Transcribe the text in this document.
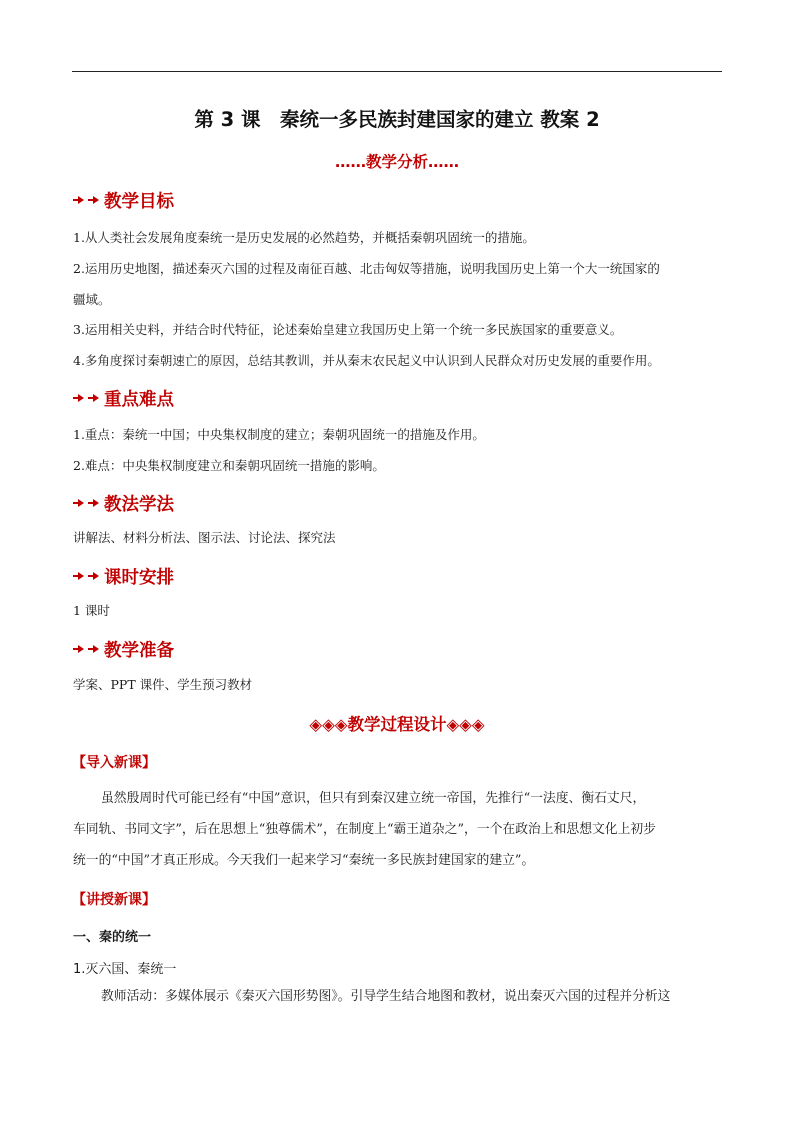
第 3 课　秦统一多民族封建国家的建立 教案 2
……教学分析……
教学目标
1.从人类社会发展角度秦统一是历史发展的必然趋势，并概括秦朝巩固统一的措施。
2.运用历史地图，描述秦灭六国的过程及南征百越、北击匈奴等措施，说明我国历史上第一个大一统国家的
疆域。
3.运用相关史料，并结合时代特征，论述秦始皇建立我国历史上第一个统一多民族国家的重要意义。
4.多角度探讨秦朝速亡的原因，总结其教训，并从秦末农民起义中认识到人民群众对历史发展的重要作用。
重点难点
1.重点：秦统一中国；中央集权制度的建立；秦朝巩固统一的措施及作用。
2.难点：中央集权制度建立和秦朝巩固统一措施的影响。
教法学法
讲解法、材料分析法、图示法、讨论法、探究法
课时安排
1 课时
教学准备
学案、PPT 课件、学生预习教材
◈◈◈教学过程设计◈◈◈
【导入新课】
虽然殷周时代可能已经有“中国”意识，但只有到秦汉建立统一帝国，先推行“一法度、衡石丈尺，
车同轨、书同文字”，后在思想上“独尊儒术”，在制度上“霸王道杂之”，一个在政治上和思想文化上初步
统一的“中国”才真正形成。今天我们一起来学习“秦统一多民族封建国家的建立”。
【讲授新课】
一、秦的统一
1.灭六国、秦统一
教师活动：多媒体展示《秦灭六国形势图》。引导学生结合地图和教材，说出秦灭六国的过程并分析这
